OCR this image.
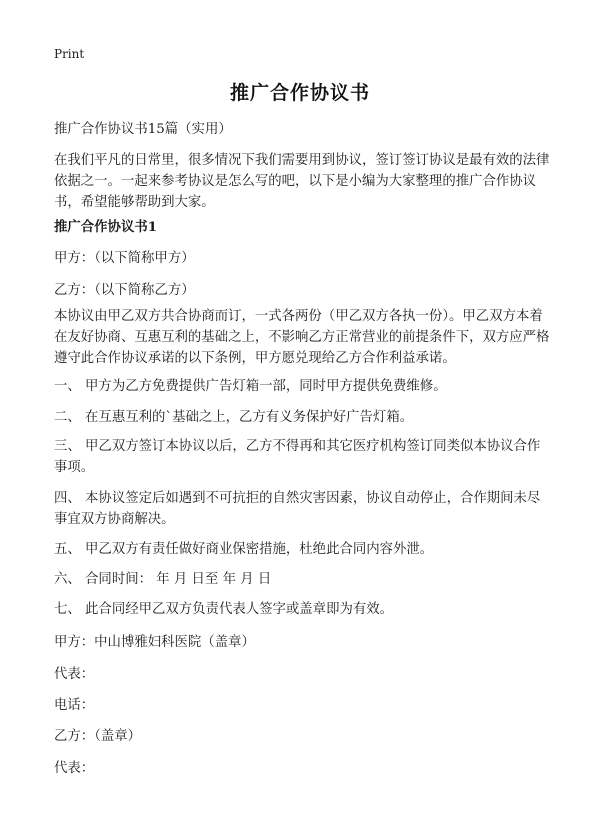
Print
推广合作协议书
推广合作协议书15篇（实用）
在我们平凡的日常里，很多情况下我们需要用到协议，签订签订协议是最有效的法律依据之一。一起来参考协议是怎么写的吧，以下是小编为大家整理的推广合作协议书，希望能够帮助到大家。
推广合作协议书1
甲方：（以下简称甲方）
乙方：（以下简称乙方）
本协议由甲乙双方共合协商而订，一式各两份（甲乙双方各执一份）。甲乙双方本着在友好协商、互惠互利的基础之上，不影响乙方正常营业的前提条件下，双方应严格遵守此合作协议承诺的以下条例，甲方愿兑现给乙方合作利益承诺。
一、 甲方为乙方免费提供广告灯箱一部，同时甲方提供免费维修。
二、 在互惠互利的`基础之上，乙方有义务保护好广告灯箱。
三、 甲乙双方签订本协议以后，乙方不得再和其它医疗机构签订同类似本协议合作事项。
四、 本协议签定后如遇到不可抗拒的自然灾害因素，协议自动停止，合作期间未尽事宜双方协商解决。
五、 甲乙双方有责任做好商业保密措施，杜绝此合同内容外泄。
六、 合同时间： 年 月 日至 年 月 日
七、 此合同经甲乙双方负责代表人签字或盖章即为有效。
甲方：中山博雅妇科医院（盖章）
代表：
电话：
乙方：（盖章）
代表：
